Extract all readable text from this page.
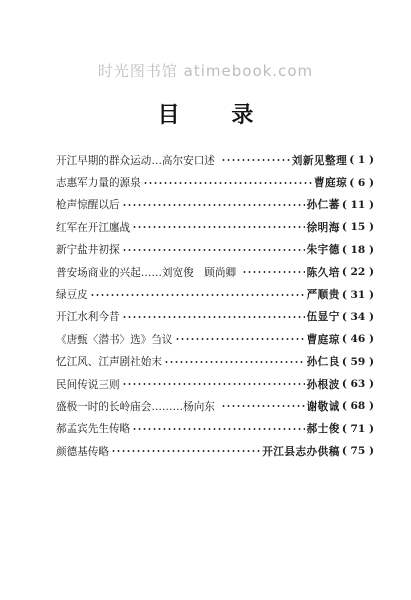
时光图书馆 atimebook.com
目 录
开江早期的群众运动…高尔安口述	刘新见整理 ( 1 )
志惠军力量的源泉	曹庭琼 ( 6 )
枪声惊醒以后	孙仁蕃 ( 11 )
红军在开江廛战	徐明海 ( 15 )
新宁盐井初探	朱宇德 ( 18 )
普安场商业的兴起……刘宽俊　顾尚卿	陈久培 ( 22 )
绿豆皮	严顺贵 ( 31 )
开江水利今昔	伍显宁 ( 34 )
《唐甄〈潜书〉选》刍议	曹庭琼 ( 46 )
忆江风、江声剧社始末	孙仁良 ( 59 )
民间传说三则	孙根波 ( 63 )
盛极一时的长岭庙会………杨向东	谢敬诚 ( 68 )
郝孟宾先生传略	郝士俊 ( 71 )
颜德基传略	开江县志办供稿 ( 75 )
